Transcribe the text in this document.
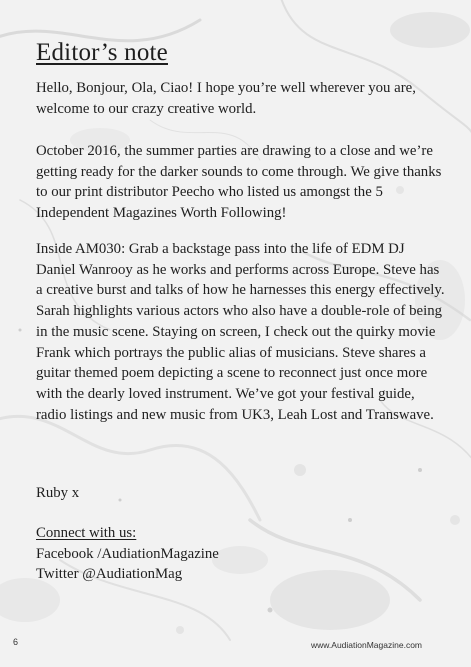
Editor’s note

Hello, Bonjour, Ola, Ciao! I hope you’re well wherever you are, welcome to our crazy creative world.

October 2016, the summer parties are drawing to a close and we’re getting ready for the darker sounds to come through. We give thanks to our print distributor Peecho who listed us amongst the 5 Independent Magazines Worth Following!

Inside AM030: Grab a backstage pass into the life of EDM DJ Daniel Wanrooy as he works and performs across Europe. Steve has a creative burst and talks of how he harnesses this energy effectively. Sarah highlights various actors who also have a double-role of being in the music scene. Staying on screen, I check out the quirky movie Frank which portrays the public alias of musicians. Steve shares a guitar themed poem depicting a scene to reconnect just once more with the dearly loved instrument. We’ve got your festival guide, radio listings and new music from UK3, Leah Lost and Transwave.

Ruby x
Connect with us:
Facebook /AudiationMagazine
Twitter @AudiationMag
6	www.AudiationMagazine.com
